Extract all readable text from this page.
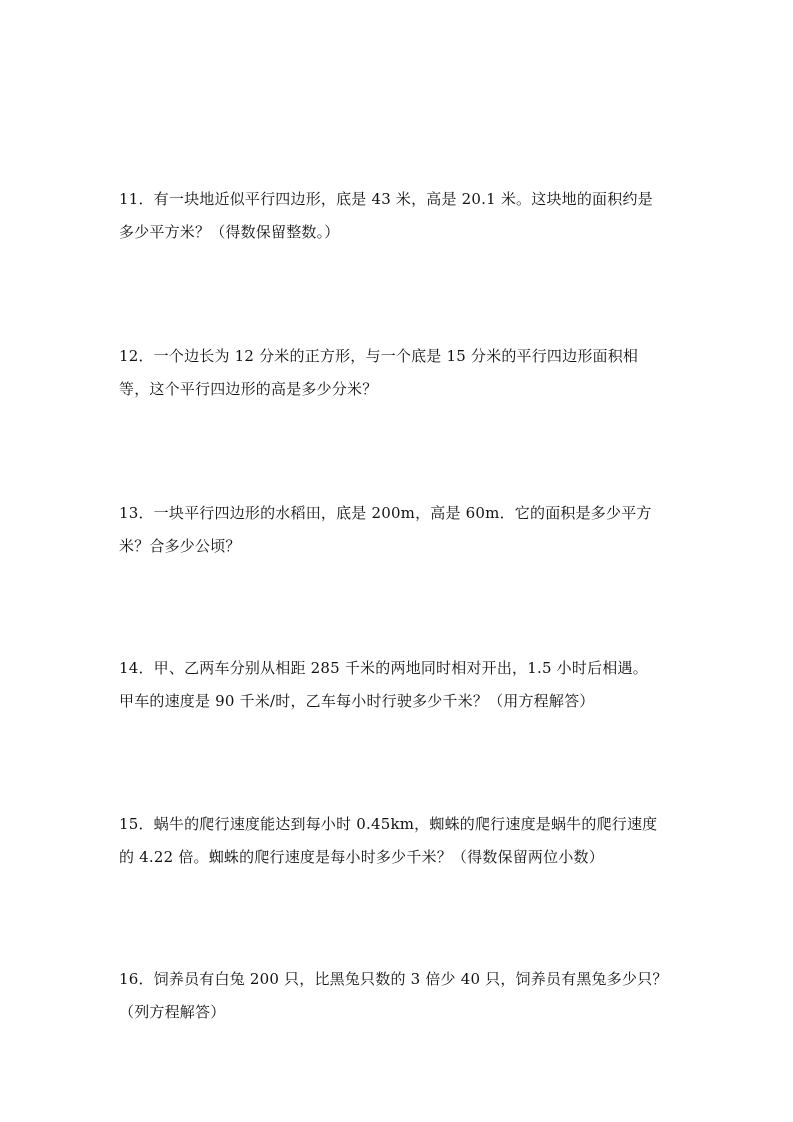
11．有一块地近似平行四边形，底是 43 米，高是 20.1 米。这块地的面积约是
多少平方米？（得数保留整数。）
12．一个边长为 12 分米的正方形，与一个底是 15 分米的平行四边形面积相
等，这个平行四边形的高是多少分米？
13．一块平行四边形的水稻田，底是 200m，高是 60m．它的面积是多少平方
米？合多少公顷？
14．甲、乙两车分别从相距 285 千米的两地同时相对开出，1.5 小时后相遇。
甲车的速度是 90 千米/时，乙车每小时行驶多少千米？（用方程解答）
15．蜗牛的爬行速度能达到每小时 0.45km，蜘蛛的爬行速度是蜗牛的爬行速度
的 4.22 倍。蜘蛛的爬行速度是每小时多少千米？（得数保留两位小数）
16．饲养员有白兔 200 只，比黑兔只数的 3 倍少 40 只，饲养员有黑兔多少只？
（列方程解答）
